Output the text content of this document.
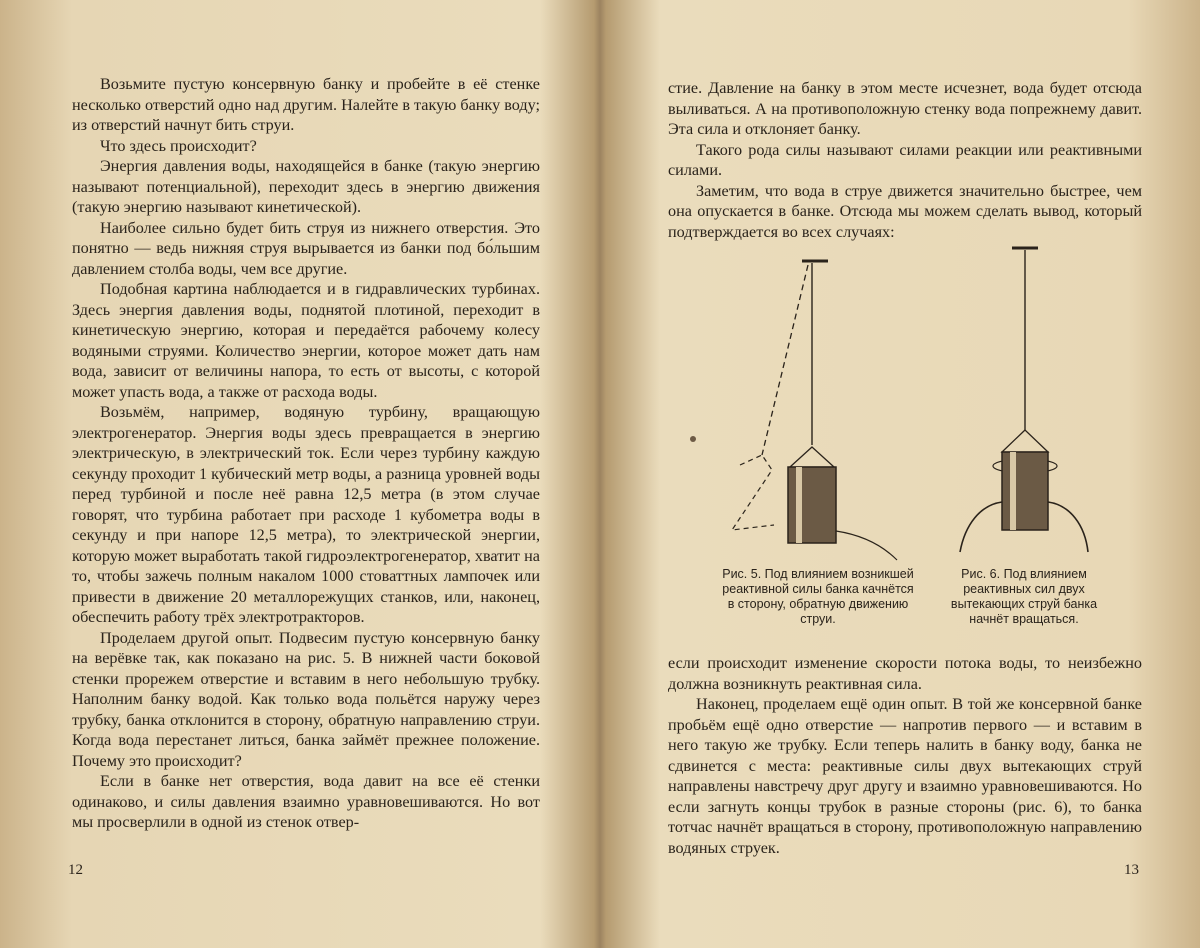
Возьмите пустую консервную банку и пробейте в её стенке несколько отверстий одно над другим. Налейте в такую банку воду; из отверстий начнут бить струи.

Что здесь происходит?

Энергия давления воды, находящейся в банке (такую энергию называют потенциальной), переходит здесь в энергию движения (такую энергию называют кинетической).

Наиболее сильно будет бить струя из нижнего отверстия. Это понятно — ведь нижняя струя вырывается из банки под бо́льшим давлением столба воды, чем все другие.

Подобная картина наблюдается и в гидравлических турбинах. Здесь энергия давления воды, поднятой плотиной, переходит в кинетическую энергию, которая и передаётся рабочему колесу водяными струями. Количество энергии, которое может дать нам вода, зависит от величины напора, то есть от высоты, с которой может упасть вода, а также от расхода воды.

Возьмём, например, водяную турбину, вращающую электрогенератор. Энергия воды здесь превращается в энергию электрическую, в электрический ток. Если через турбину каждую секунду проходит 1 кубический метр воды, а разница уровней воды перед турбиной и после неё равна 12,5 метра (в этом случае говорят, что турбина работает при расходе 1 кубометра воды в секунду и при напоре 12,5 метра), то электрической энергии, которую может выработать такой гидроэлектрогенератор, хватит на то, чтобы зажечь полным накалом 1000 стоваттных лампочек или привести в движение 20 металлорежущих станков, или, наконец, обеспечить работу трёх электротракторов.

Проделаем другой опыт. Подвесим пустую консервную банку на верёвке так, как показано на рис. 5. В нижней части боковой стенки прорежем отверстие и вставим в него небольшую трубку. Наполним банку водой. Как только вода польётся наружу через трубку, банка отклонится в сторону, обратную направлению струи. Когда вода перестанет литься, банка займёт прежнее положение. Почему это происходит?

Если в банке нет отверстия, вода давит на все её стенки одинаково, и силы давления взаимно уравновешиваются. Но вот мы просверлили в одной из стенок отвер-

12

стие. Давление на банку в этом месте исчезнет, вода будет отсюда выливаться. А на противоположную стенку вода попрежнему давит. Эта сила и отклоняет банку.

Такого рода силы называют силами реакции или реактивными силами.

Заметим, что вода в струе движется значительно быстрее, чем она опускается в банке. Отсюда мы можем сделать вывод, который подтверждается во всех случаях:

Рис. 5. Под влиянием возникшей реактивной силы банка качнётся в сторону, обратную движению струи.
Рис. 6. Под влиянием реактивных сил двух вытекающих струй банка начнёт вращаться.

если происходит изменение скорости потока воды, то неизбежно должна возникнуть реактивная сила.

Наконец, проделаем ещё один опыт. В той же консервной банке пробьём ещё одно отверстие — напротив первого — и вставим в него такую же трубку. Если теперь налить в банку воду, банка не сдвинется с места: реактивные силы двух вытекающих струй направлены навстречу друг другу и взаимно уравновешиваются. Но если загнуть концы трубок в разные стороны (рис. 6), то банка тотчас начнёт вращаться в сторону, противоположную направлению водяных струек.

13
